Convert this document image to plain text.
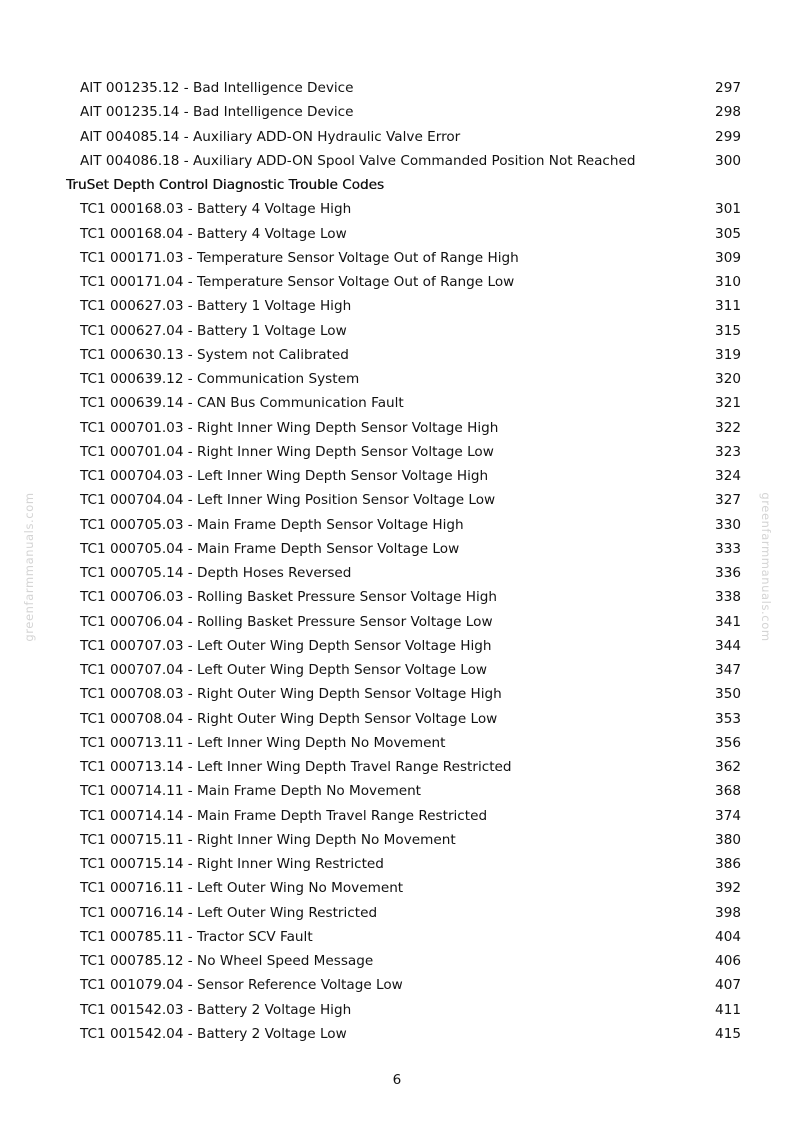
greenfarmmanuals.com	greenfarmmanuals.com
AIT 001235.12 - Bad Intelligence Device	297
AIT 001235.14 - Bad Intelligence Device	298
AIT 004085.14 - Auxiliary ADD-ON Hydraulic Valve Error	299
AIT 004086.18 - Auxiliary ADD-ON Spool Valve Commanded Position Not Reached	300
TruSet Depth Control Diagnostic Trouble Codes
TC1 000168.03 - Battery 4 Voltage High	301
TC1 000168.04 - Battery 4 Voltage Low	305
TC1 000171.03 - Temperature Sensor Voltage Out of Range High	309
TC1 000171.04 - Temperature Sensor Voltage Out of Range Low	310
TC1 000627.03 - Battery 1 Voltage High	311
TC1 000627.04 - Battery 1 Voltage Low	315
TC1 000630.13 - System not Calibrated	319
TC1 000639.12 - Communication System	320
TC1 000639.14 - CAN Bus Communication Fault	321
TC1 000701.03 - Right Inner Wing Depth Sensor Voltage High	322
TC1 000701.04 - Right Inner Wing Depth Sensor Voltage Low	323
TC1 000704.03 - Left Inner Wing Depth Sensor Voltage High	324
TC1 000704.04 - Left Inner Wing Position Sensor Voltage Low	327
TC1 000705.03 - Main Frame Depth Sensor Voltage High	330
TC1 000705.04 - Main Frame Depth Sensor Voltage Low	333
TC1 000705.14 - Depth Hoses Reversed	336
TC1 000706.03 - Rolling Basket Pressure Sensor Voltage High	338
TC1 000706.04 - Rolling Basket Pressure Sensor Voltage Low	341
TC1 000707.03 - Left Outer Wing Depth Sensor Voltage High	344
TC1 000707.04 - Left Outer Wing Depth Sensor Voltage Low	347
TC1 000708.03 - Right Outer Wing Depth Sensor Voltage High	350
TC1 000708.04 - Right Outer Wing Depth Sensor Voltage Low	353
TC1 000713.11 - Left Inner Wing Depth No Movement	356
TC1 000713.14 - Left Inner Wing Depth Travel Range Restricted	362
TC1 000714.11 - Main Frame Depth No Movement	368
TC1 000714.14 - Main Frame Depth Travel Range Restricted	374
TC1 000715.11 - Right Inner Wing Depth No Movement	380
TC1 000715.14 - Right Inner Wing Restricted	386
TC1 000716.11 - Left Outer Wing No Movement	392
TC1 000716.14 - Left Outer Wing Restricted	398
TC1 000785.11 - Tractor SCV Fault	404
TC1 000785.12 - No Wheel Speed Message	406
TC1 001079.04 - Sensor Reference Voltage Low	407
TC1 001542.03 - Battery 2 Voltage High	411
TC1 001542.04 - Battery 2 Voltage Low	415
6
